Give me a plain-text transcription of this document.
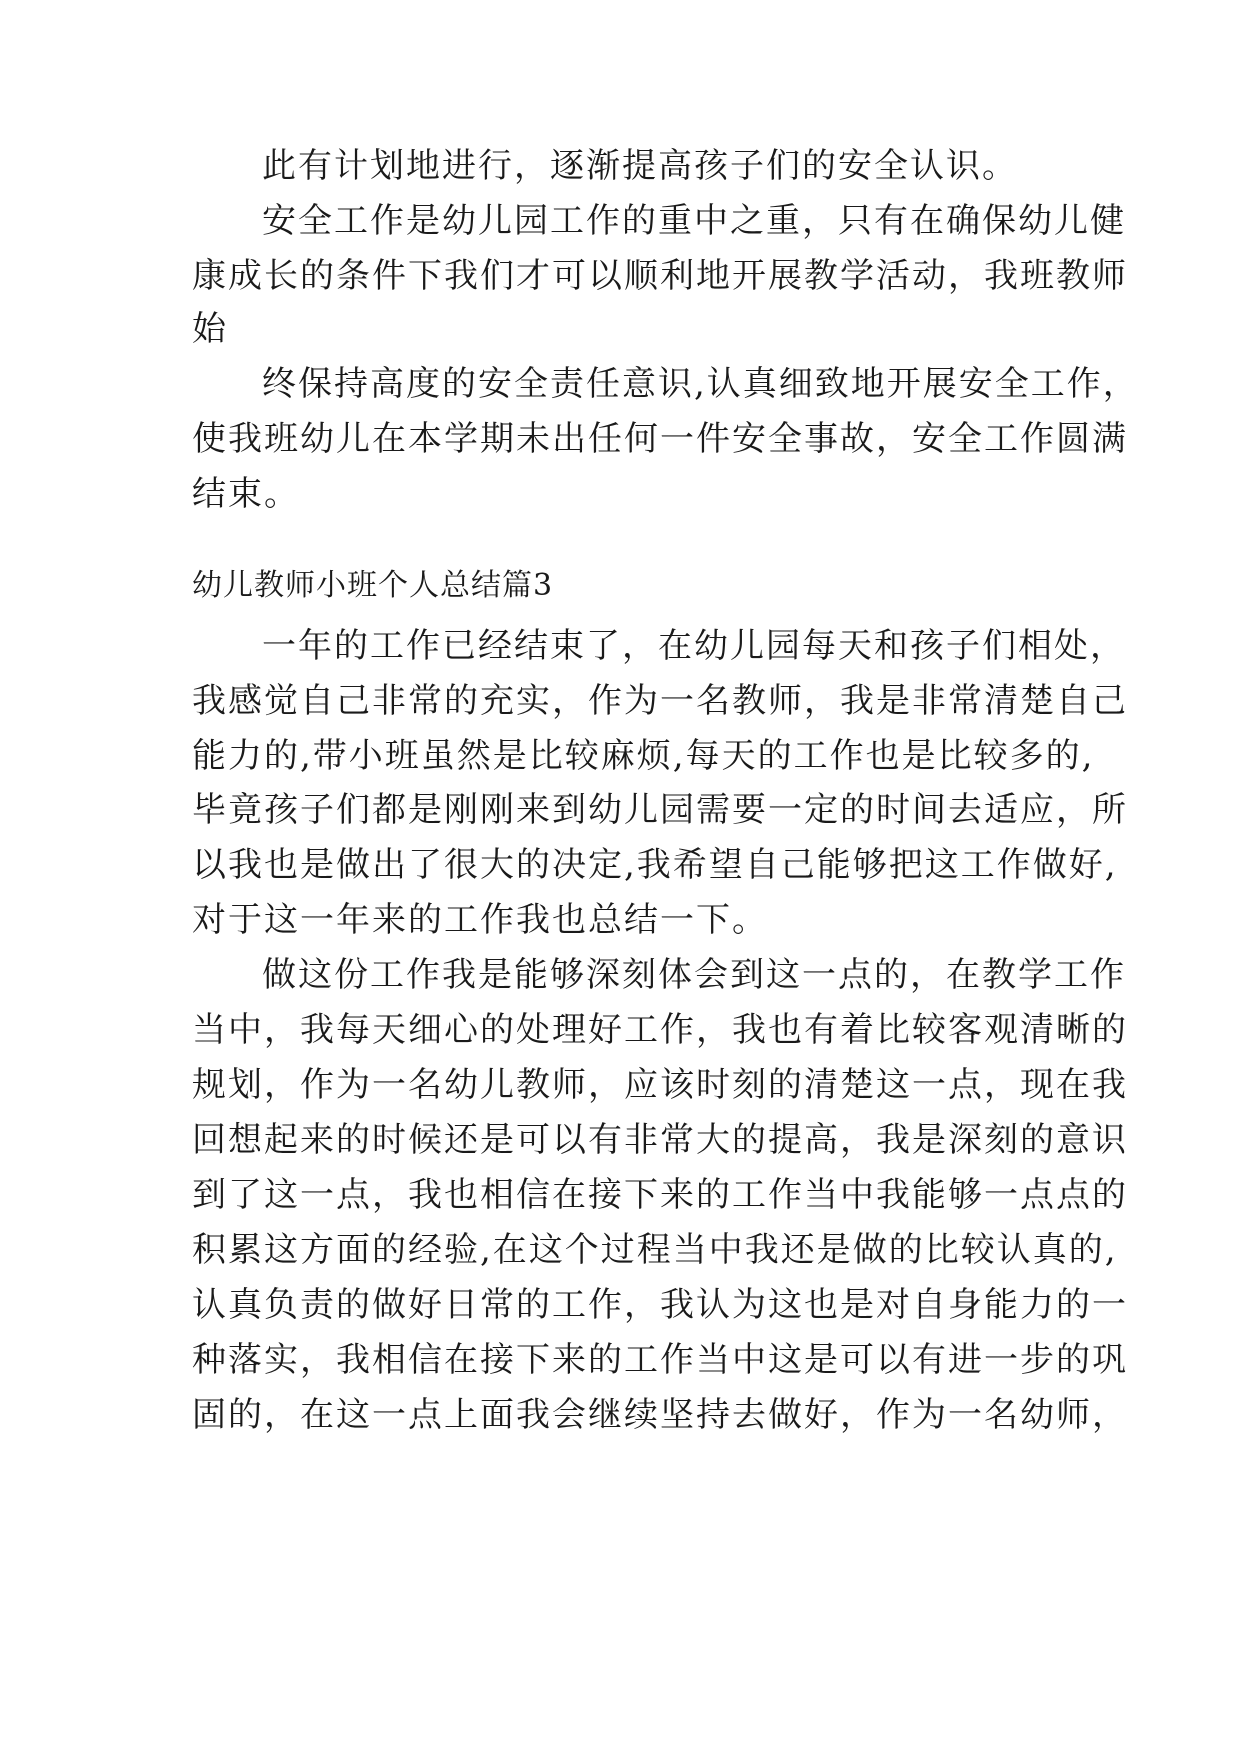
此有计划地进行，逐渐提高孩子们的安全认识。
安全工作是幼儿园工作的重中之重，只有在确保幼儿健
康成长的条件下我们才可以顺利地开展教学活动，我班教师
始
终保持高度的安全责任意识,认真细致地开展安全工作，
使我班幼儿在本学期未出任何一件安全事故，安全工作圆满
结束。
幼儿教师小班个人总结篇3
一年的工作已经结束了，在幼儿园每天和孩子们相处，
我感觉自己非常的充实，作为一名教师，我是非常清楚自己
能力的,带小班虽然是比较麻烦,每天的工作也是比较多的,
毕竟孩子们都是刚刚来到幼儿园需要一定的时间去适应，所
以我也是做出了很大的决定,我希望自己能够把这工作做好,
对于这一年来的工作我也总结一下。
做这份工作我是能够深刻体会到这一点的，在教学工作
当中，我每天细心的处理好工作，我也有着比较客观清晰的
规划，作为一名幼儿教师，应该时刻的清楚这一点，现在我
回想起来的时候还是可以有非常大的提高，我是深刻的意识
到了这一点，我也相信在接下来的工作当中我能够一点点的
积累这方面的经验,在这个过程当中我还是做的比较认真的,
认真负责的做好日常的工作，我认为这也是对自身能力的一
种落实，我相信在接下来的工作当中这是可以有进一步的巩
固的，在这一点上面我会继续坚持去做好，作为一名幼师，
